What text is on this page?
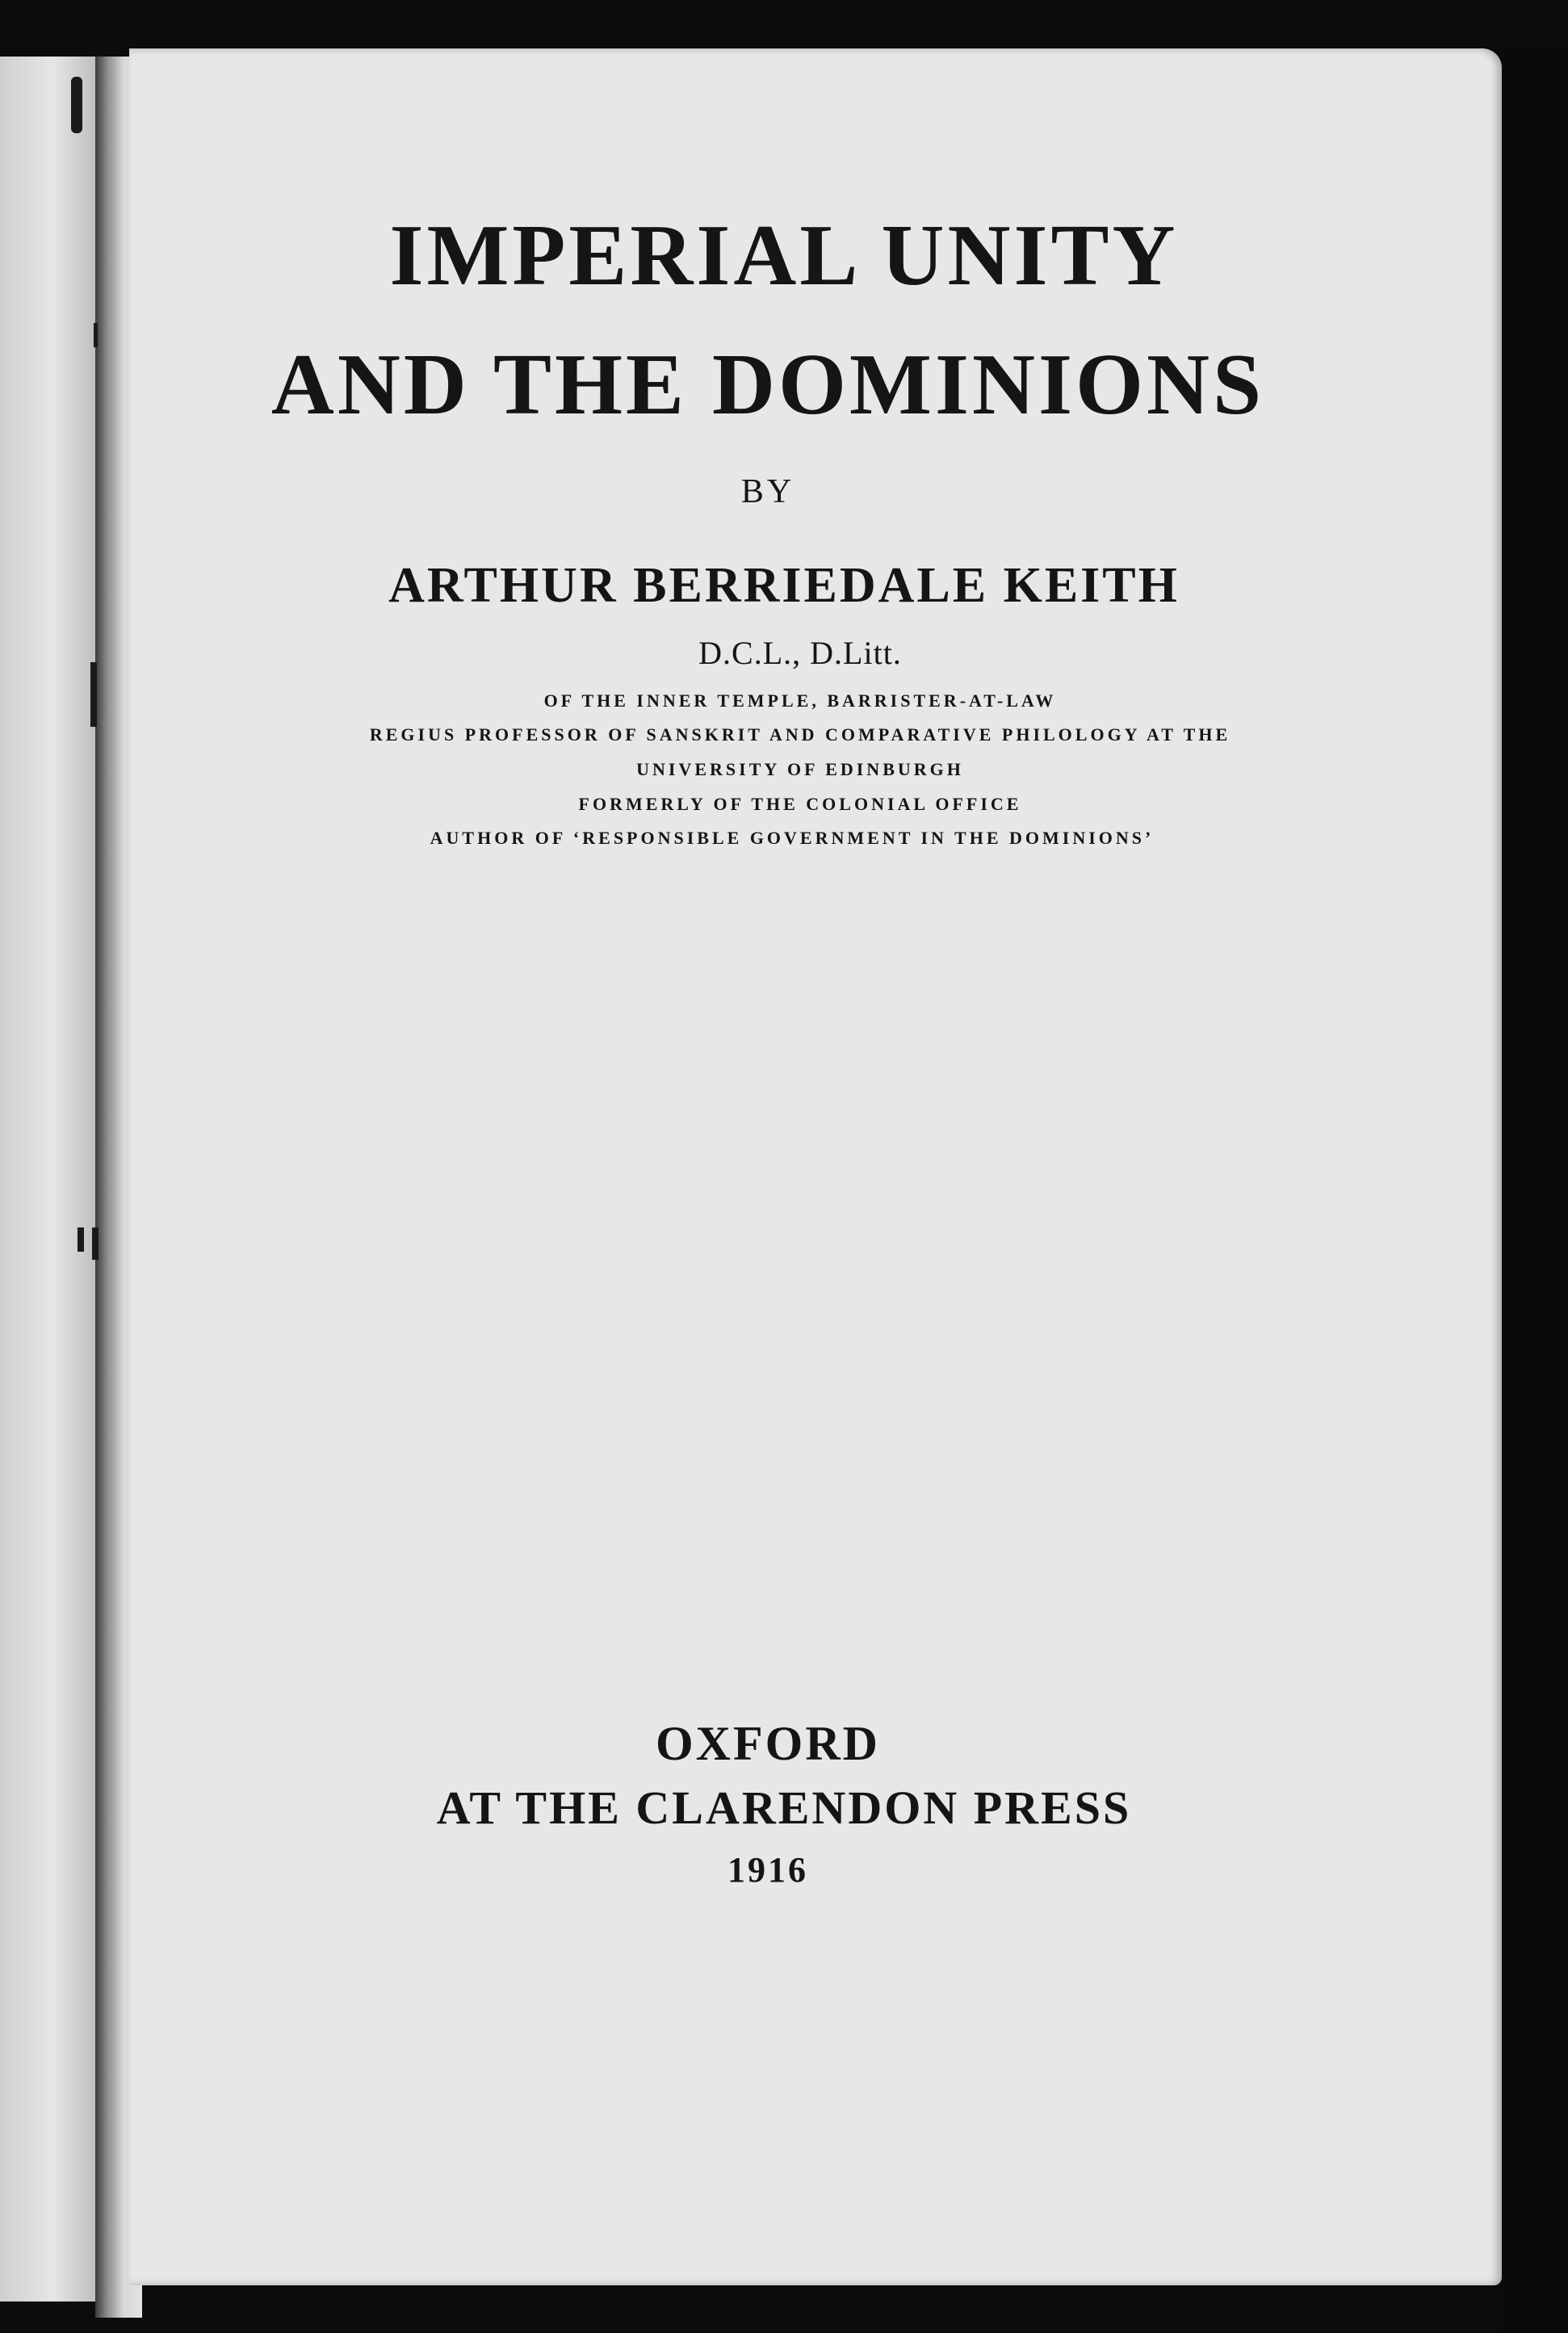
IMPERIAL UNITY
AND THE DOMINIONS
BY
ARTHUR BERRIEDALE KEITH
D.C.L., D.Litt.
OF THE INNER TEMPLE, BARRISTER-AT-LAW
REGIUS PROFESSOR OF SANSKRIT AND COMPARATIVE PHILOLOGY AT THE
UNIVERSITY OF EDINBURGH
FORMERLY OF THE COLONIAL OFFICE
AUTHOR OF ‘RESPONSIBLE GOVERNMENT IN THE DOMINIONS’
OXFORD
AT THE CLARENDON PRESS
1916
